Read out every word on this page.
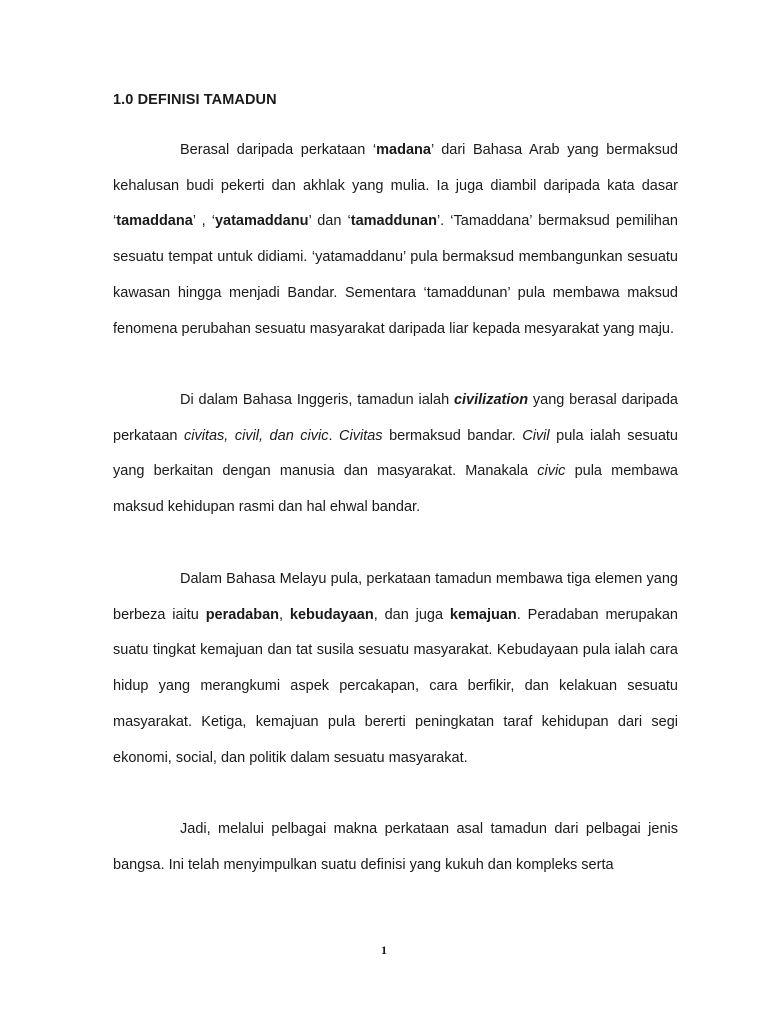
1.0 DEFINISI TAMADUN

Berasal daripada perkataan ‘madana’ dari Bahasa Arab yang bermaksud kehalusan budi pekerti dan akhlak yang mulia. Ia juga diambil daripada kata dasar ‘tamaddana’ , ‘yatamaddanu’ dan ‘tamaddunan’. ‘Tamaddana’ bermaksud pemilihan sesuatu tempat untuk didiami. ‘yatamaddanu’ pula bermaksud membangunkan sesuatu kawasan hingga menjadi Bandar. Sementara ‘tamaddunan’ pula membawa maksud fenomena perubahan sesuatu masyarakat daripada liar kepada mesyarakat yang maju.

Di dalam Bahasa Inggeris, tamadun ialah civilization yang berasal daripada perkataan civitas, civil, dan civic. Civitas bermaksud bandar. Civil pula ialah sesuatu yang berkaitan dengan manusia dan masyarakat. Manakala civic pula membawa maksud kehidupan rasmi dan hal ehwal bandar.

Dalam Bahasa Melayu pula, perkataan tamadun membawa tiga elemen yang berbeza iaitu peradaban, kebudayaan, dan juga kemajuan. Peradaban merupakan suatu tingkat kemajuan dan tat susila sesuatu masyarakat. Kebudayaan pula ialah cara hidup yang merangkumi aspek percakapan, cara berfikir, dan kelakuan sesuatu masyarakat. Ketiga, kemajuan pula bererti peningkatan taraf kehidupan dari segi ekonomi, social, dan politik dalam sesuatu masyarakat.

Jadi, melalui pelbagai makna perkataan asal tamadun dari pelbagai jenis bangsa. Ini telah menyimpulkan suatu definisi yang kukuh dan kompleks serta

1
